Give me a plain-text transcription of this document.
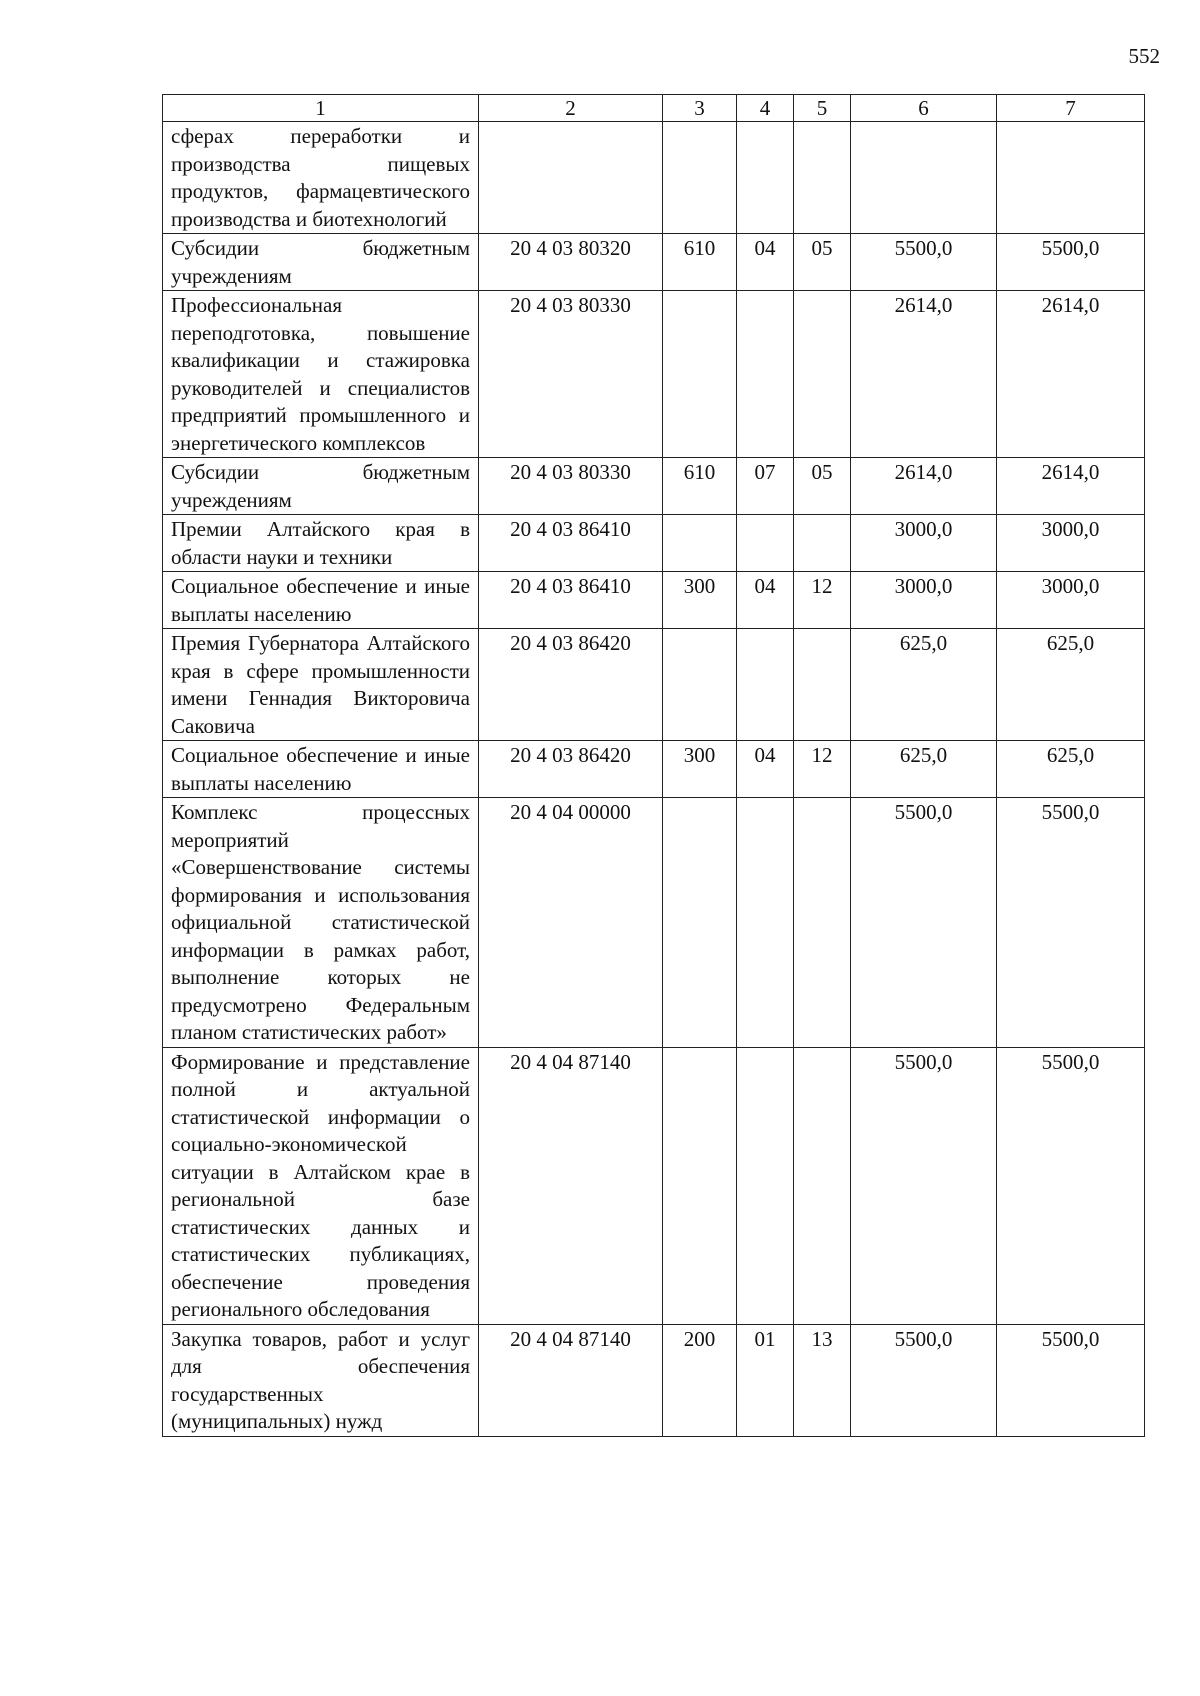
552
1	2	3	4	5	6	7
сферах переработки и производства пищевых продуктов, фармацевтического производства и биотехнологий						
Субсидии бюджетным учреждениям	20 4 03 80320	610	04	05	5500,0	5500,0
Профессиональная переподготовка, повышение квалификации и стажировка руководителей и специалистов предприятий промышленного и энергетического комплексов	20 4 03 80330				2614,0	2614,0
Субсидии бюджетным учреждениям	20 4 03 80330	610	07	05	2614,0	2614,0
Премии Алтайского края в области науки и техники	20 4 03 86410				3000,0	3000,0
Социальное обеспечение и иные выплаты населению	20 4 03 86410	300	04	12	3000,0	3000,0
Премия Губернатора Алтайского края в сфере промышленности имени Геннадия Викторовича Саковича	20 4 03 86420				625,0	625,0
Социальное обеспечение и иные выплаты населению	20 4 03 86420	300	04	12	625,0	625,0
Комплекс процессных мероприятий «Совершенствование системы формирования и использования официальной статистической информации в рамках работ, выполнение которых не предусмотрено Федеральным планом статистических работ»	20 4 04 00000				5500,0	5500,0
Формирование и представление полной и актуальной статистической информации о социально-экономической ситуации в Алтайском крае в региональной базе статистических данных и статистических публикациях, обеспечение проведения регионального обследования	20 4 04 87140				5500,0	5500,0
Закупка товаров, работ и услуг для обеспечения государственных (муниципальных) нужд	20 4 04 87140	200	01	13	5500,0	5500,0
